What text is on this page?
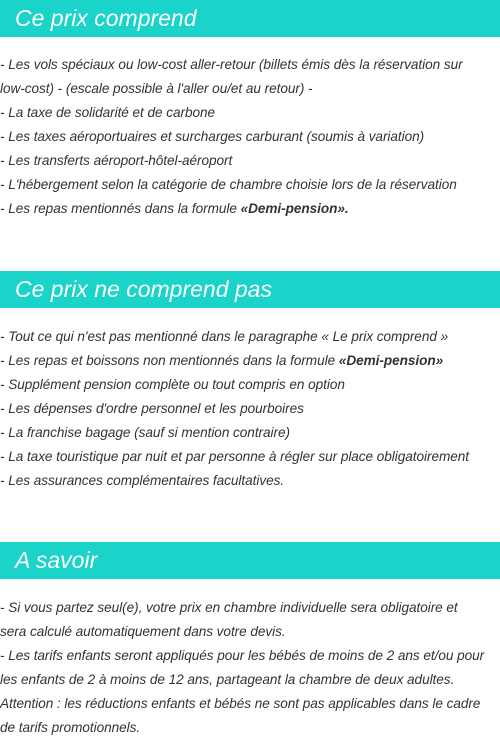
Ce prix comprend
- Les vols spéciaux ou low-cost aller-retour (billets émis dès la réservation sur
low-cost) - (escale possible à l'aller ou/et au retour) -
- La taxe de solidarité et de carbone
- Les taxes aéroportuaires et surcharges carburant (soumis à variation)
- Les transferts aéroport-hôtel-aéroport
- L'hébergement selon la catégorie de chambre choisie lors de la réservation
- Les repas mentionnés dans la formule «Demi-pension».
Ce prix ne comprend pas
- Tout ce qui n'est pas mentionné dans le paragraphe « Le prix comprend »
- Les repas et boissons non mentionnés dans la formule «Demi-pension»
- Supplément pension complète ou tout compris en option
- Les dépenses d'ordre personnel et les pourboires
- La franchise bagage (sauf si mention contraire)
- La taxe touristique par nuit et par personne à régler sur place obligatoirement
- Les assurances complémentaires facultatives.
A savoir
- Si vous partez seul(e), votre prix en chambre individuelle sera obligatoire et
sera calculé automatiquement dans votre devis.
- Les tarifs enfants seront appliqués pour les bébés de moins de 2 ans et/ou pour
les enfants de 2 à moins de 12 ans, partageant la chambre de deux adultes.
Attention : les réductions enfants et bébés ne sont pas applicables dans le cadre
de tarifs promotionnels.
